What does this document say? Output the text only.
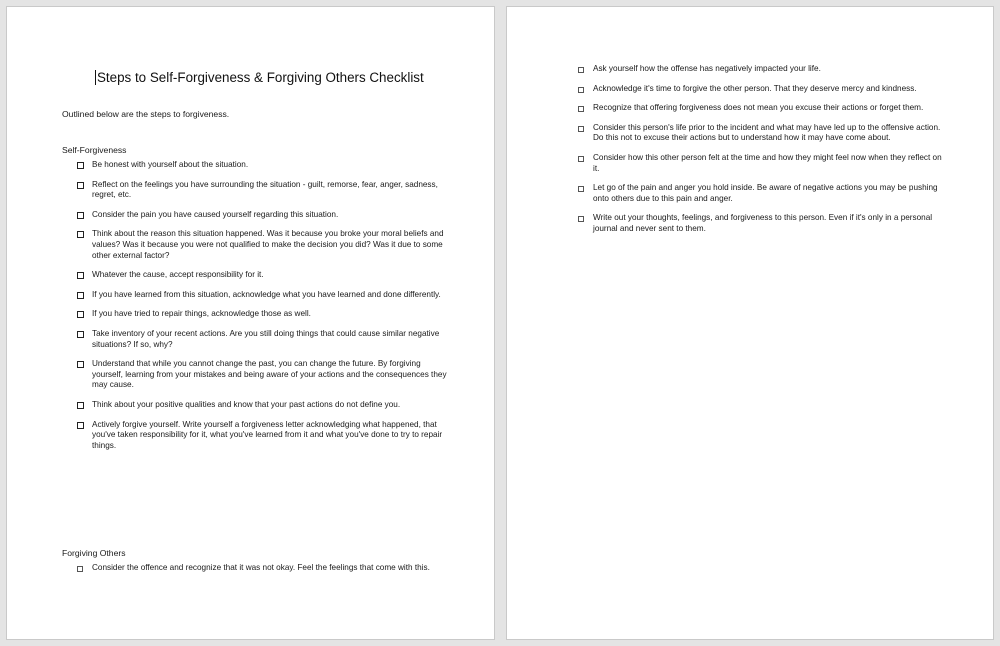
Steps to Self-Forgiveness & Forgiving Others Checklist
Outlined below are the steps to forgiveness.
Self-Forgiveness
Be honest with yourself about the situation.
Reflect on the feelings you have surrounding the situation - guilt, remorse, fear, anger, sadness, regret, etc.
Consider the pain you have caused yourself regarding this situation.
Think about the reason this situation happened. Was it because you broke your moral beliefs and values? Was it because you were not qualified to make the decision you did? Was it due to some other external factor?
Whatever the cause, accept responsibility for it.
If you have learned from this situation, acknowledge what you have learned and done differently.
If you have tried to repair things, acknowledge those as well.
Take inventory of your recent actions. Are you still doing things that could cause similar negative situations? If so, why?
Understand that while you cannot change the past, you can change the future. By forgiving yourself, learning from your mistakes and being aware of your actions and the consequences they may cause.
Think about your positive qualities and know that your past actions do not define you.
Actively forgive yourself. Write yourself a forgiveness letter acknowledging what happened, that you've taken responsibility for it, what you've learned from it and what you've done to try to repair things.
Forgiving Others
Consider the offence and recognize that it was not okay. Feel the feelings that come with this.
Ask yourself how the offense has negatively impacted your life.
Acknowledge it's time to forgive the other person. That they deserve mercy and kindness.
Recognize that offering forgiveness does not mean you excuse their actions or forget them.
Consider this person's life prior to the incident and what may have led up to the offensive action. Do this not to excuse their actions but to understand how it may have come about.
Consider how this other person felt at the time and how they might feel now when they reflect on it.
Let go of the pain and anger you hold inside. Be aware of negative actions you may be pushing onto others due to this pain and anger.
Write out your thoughts, feelings, and forgiveness to this person. Even if it's only in a personal journal and never sent to them.
